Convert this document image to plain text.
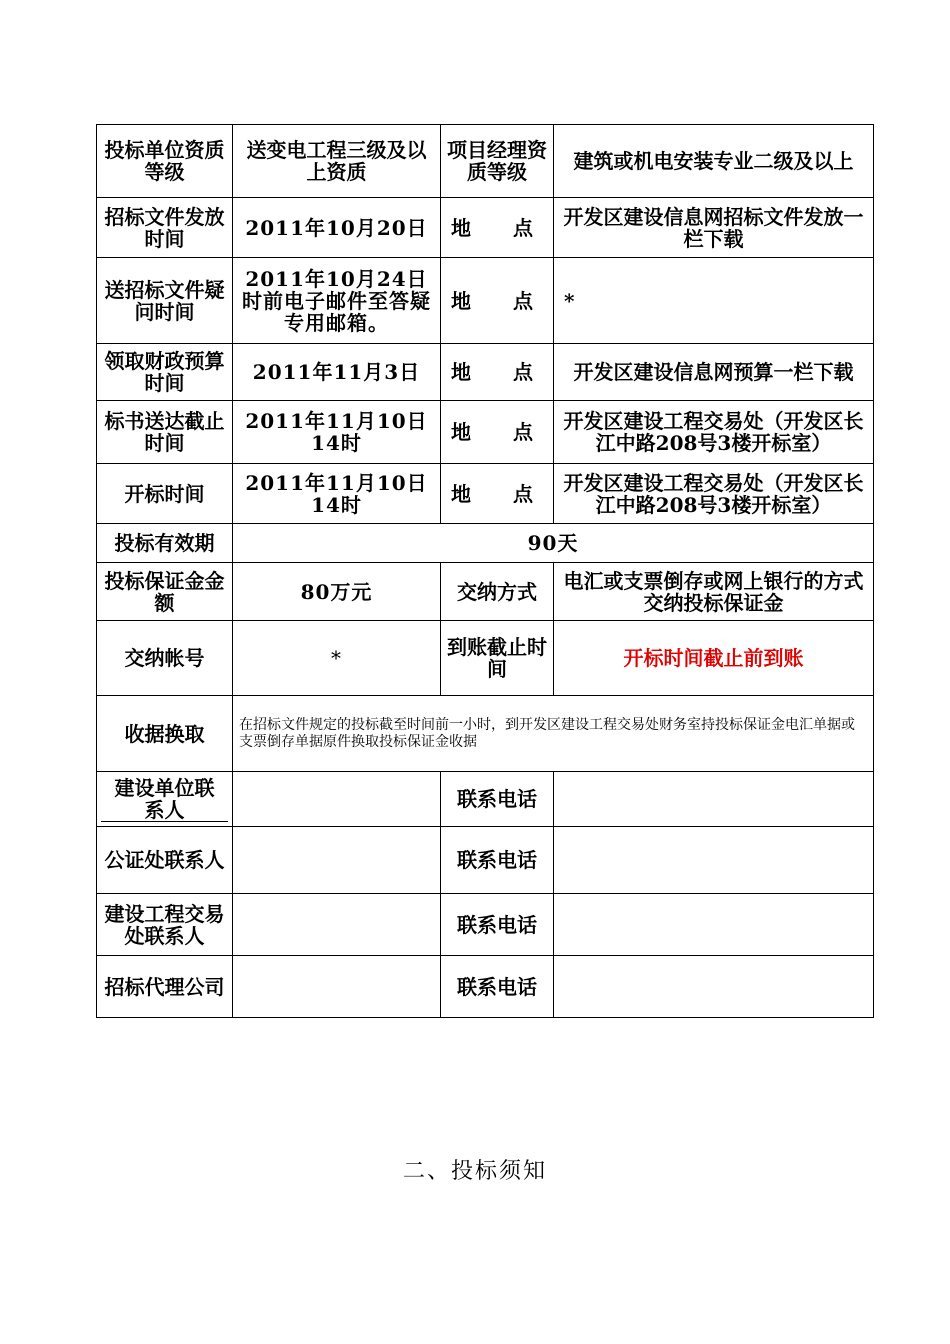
投标单位资质等级	送变电工程三级及以上资质	项目经理资质等级	建筑或机电安装专业二级及以上
招标文件发放时间	2011年10月20日	地 点	开发区建设信息网招标文件发放一栏下载
送招标文件疑问时间	2011年10月24日时前电子邮件至答疑专用邮箱。	地 点	*
领取财政预算时间	2011年11月3日	地 点	开发区建设信息网预算一栏下载
标书送达截止时间	2011年11月10日14时	地 点	开发区建设工程交易处（开发区长江中路208号3楼开标室）

开标时间	2011年11月10日14时	地 点	开发区建设工程交易处（开发区长江中路208号3楼开标室）

投标有效期	90天		
投标保证金金额	80万元	交纳方式	电汇或支票倒存或网上银行的方式交纳投标保证金
交纳帐号	*	到账截止时间	开标时间截止前到账
收据换取	在招标文件规定的投标截至时间前一小时，到开发区建设工程交易处财务室持投标保证金电汇单据或支票倒存单据原件换取投标保证金收据		
建设单位联系人		联系电话	
公证处联系人		联系电话	
建设工程交易处联系人		联系电话	
招标代理公司		联系电话	
二、投标须知
